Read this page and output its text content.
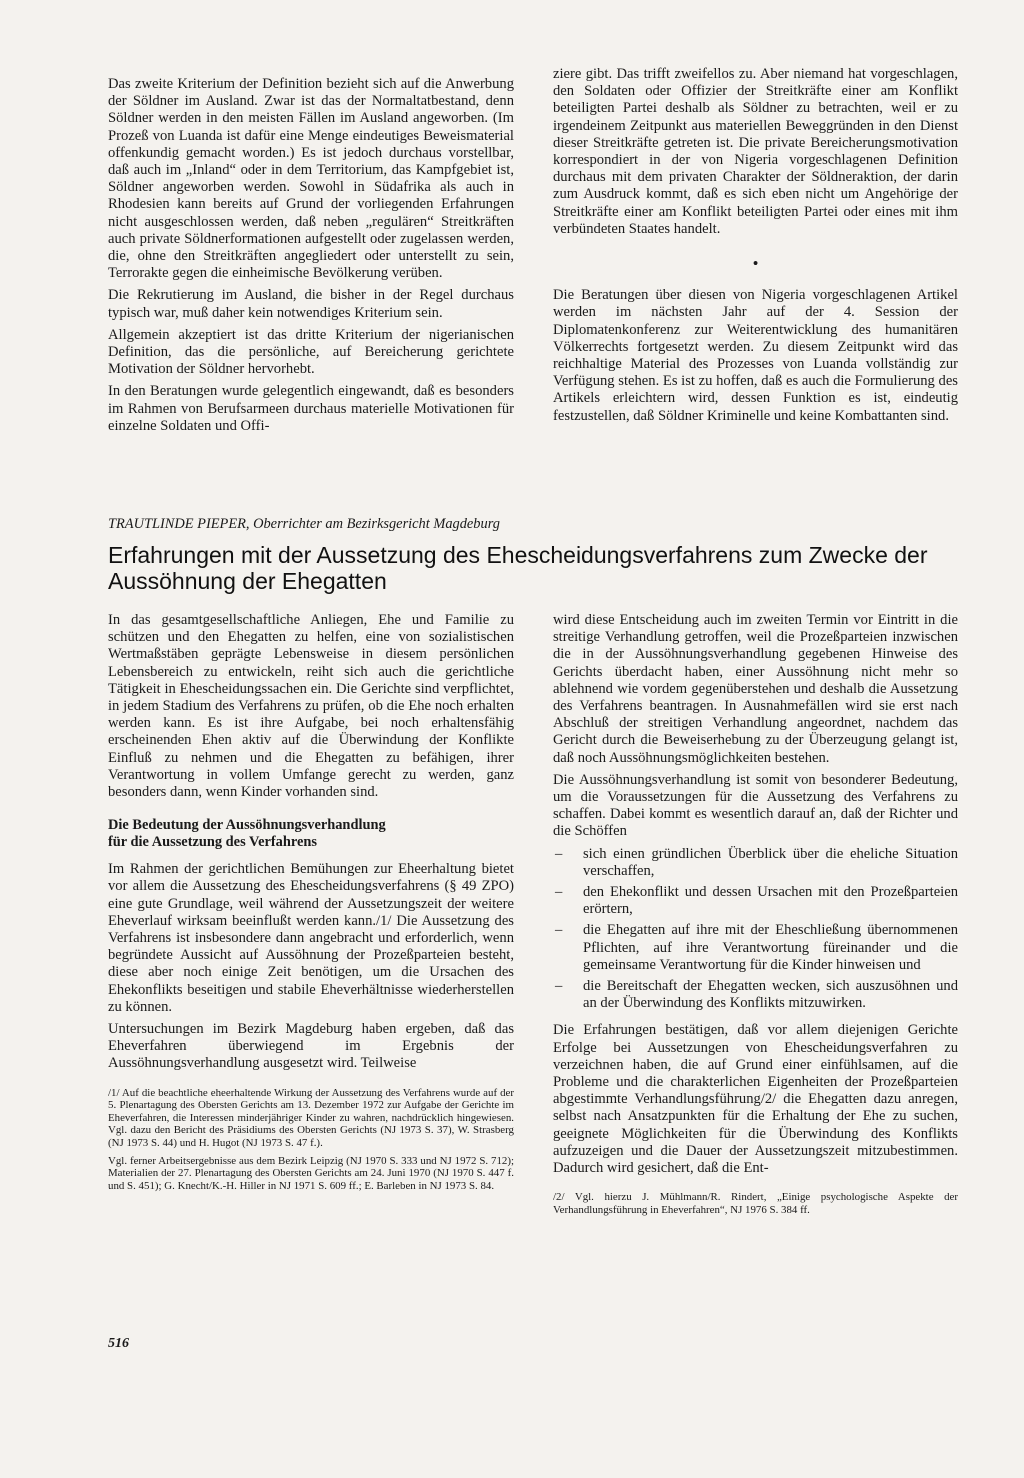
Das zweite Kriterium der Definition bezieht sich auf die Anwerbung der Söldner im Ausland. Zwar ist das der Normaltatbestand, denn Söldner werden in den meisten Fällen im Ausland angeworben. (Im Prozeß von Luanda ist dafür eine Menge eindeutiges Beweismaterial offenkundig gemacht worden.) Es ist jedoch durchaus vorstellbar, daß auch im „Inland“ oder in dem Territorium, das Kampfgebiet ist, Söldner angeworben werden. Sowohl in Südafrika als auch in Rhodesien kann bereits auf Grund der vorliegenden Erfahrungen nicht ausgeschlossen werden, daß neben „regulären“ Streitkräften auch private Söldnerformationen aufgestellt oder zugelassen werden, die, ohne den Streitkräften angegliedert oder unterstellt zu sein, Terrorakte gegen die einheimische Bevölkerung verüben.

Die Rekrutierung im Ausland, die bisher in der Regel durchaus typisch war, muß daher kein notwendiges Kriterium sein.

Allgemein akzeptiert ist das dritte Kriterium der nigerianischen Definition, das die persönliche, auf Bereicherung gerichtete Motivation der Söldner hervorhebt.

In den Beratungen wurde gelegentlich eingewandt, daß es besonders im Rahmen von Berufsarmeen durchaus materielle Motivationen für einzelne Soldaten und Offi-

ziere gibt. Das trifft zweifellos zu. Aber niemand hat vorgeschlagen, den Soldaten oder Offizier der Streitkräfte einer am Konflikt beteiligten Partei deshalb als Söldner zu betrachten, weil er zu irgendeinem Zeitpunkt aus materiellen Beweggründen in den Dienst dieser Streitkräfte getreten ist. Die private Bereicherungsmotivation korrespondiert in der von Nigeria vorgeschlagenen Definition durchaus mit dem privaten Charakter der Söldneraktion, der darin zum Ausdruck kommt, daß es sich eben nicht um Angehörige der Streitkräfte einer am Konflikt beteiligten Partei oder eines mit ihm verbündeten Staates handelt.

•

Die Beratungen über diesen von Nigeria vorgeschlagenen Artikel werden im nächsten Jahr auf der 4. Session der Diplomatenkonferenz zur Weiterentwicklung des humanitären Völkerrechts fortgesetzt werden. Zu diesem Zeitpunkt wird das reichhaltige Material des Prozesses von Luanda vollständig zur Verfügung stehen. Es ist zu hoffen, daß es auch die Formulierung des Artikels erleichtern wird, dessen Funktion es ist, eindeutig festzustellen, daß Söldner Kriminelle und keine Kombattanten sind.

TRAUTLINDE PIEPER, Oberrichter am Bezirksgericht Magdeburg
Erfahrungen mit der Aussetzung des Ehescheidungsverfahrens zum Zwecke der Aussöhnung der Ehegatten

In das gesamtgesellschaftliche Anliegen, Ehe und Familie zu schützen und den Ehegatten zu helfen, eine von sozialistischen Wertmaßstäben geprägte Lebensweise in diesem persönlichen Lebensbereich zu entwickeln, reiht sich auch die gerichtliche Tätigkeit in Ehescheidungssachen ein. Die Gerichte sind verpflichtet, in jedem Stadium des Verfahrens zu prüfen, ob die Ehe noch erhalten werden kann. Es ist ihre Aufgabe, bei noch erhaltensfähig erscheinenden Ehen aktiv auf die Überwindung der Konflikte Einfluß zu nehmen und die Ehegatten zu befähigen, ihrer Verantwortung in vollem Umfange gerecht zu werden, ganz besonders dann, wenn Kinder vorhanden sind.

Die Bedeutung der Aussöhnungsverhandlung
für die Aussetzung des Verfahrens

Im Rahmen der gerichtlichen Bemühungen zur Eheerhaltung bietet vor allem die Aussetzung des Ehescheidungsverfahrens (§ 49 ZPO) eine gute Grundlage, weil während der Aussetzungszeit der weitere Eheverlauf wirksam beeinflußt werden kann./1/ Die Aussetzung des Verfahrens ist insbesondere dann angebracht und erforderlich, wenn begründete Aussicht auf Aussöhnung der Prozeßparteien besteht, diese aber noch einige Zeit benötigen, um die Ursachen des Ehekonflikts beseitigen und stabile Eheverhältnisse wiederherstellen zu können.

Untersuchungen im Bezirk Magdeburg haben ergeben, daß das Eheverfahren überwiegend im Ergebnis der Aussöhnungsverhandlung ausgesetzt wird. Teilweise

/1/ Auf die beachtliche eheerhaltende Wirkung der Aussetzung des Verfahrens wurde auf der 5. Plenartagung des Obersten Gerichts am 13. Dezember 1972 zur Aufgabe der Gerichte im Eheverfahren, die Interessen minderjähriger Kinder zu wahren, nachdrücklich hingewiesen. Vgl. dazu den Bericht des Präsidiums des Obersten Gerichts (NJ 1973 S. 37), W. Strasberg (NJ 1973 S. 44) und H. Hugot (NJ 1973 S. 47 f.).

Vgl. ferner Arbeitsergebnisse aus dem Bezirk Leipzig (NJ 1970 S. 333 und NJ 1972 S. 712); Materialien der 27. Plenartagung des Obersten Gerichts am 24. Juni 1970 (NJ 1970 S. 447 f. und S. 451); G. Knecht/K.-H. Hiller in NJ 1971 S. 609 ff.; E. Barleben in NJ 1973 S. 84.

wird diese Entscheidung auch im zweiten Termin vor Eintritt in die streitige Verhandlung getroffen, weil die Prozeßparteien inzwischen die in der Aussöhnungsverhandlung gegebenen Hinweise des Gerichts überdacht haben, einer Aussöhnung nicht mehr so ablehnend wie vordem gegenüberstehen und deshalb die Aussetzung des Verfahrens beantragen. In Ausnahmefällen wird sie erst nach Abschluß der streitigen Verhandlung angeordnet, nachdem das Gericht durch die Beweiserhebung zu der Überzeugung gelangt ist, daß noch Aussöhnungsmöglichkeiten bestehen.

Die Aussöhnungsverhandlung ist somit von besonderer Bedeutung, um die Voraussetzungen für die Aussetzung des Verfahrens zu schaffen. Dabei kommt es wesentlich darauf an, daß der Richter und die Schöffen

– sich einen gründlichen Überblick über die eheliche Situation verschaffen,
– den Ehekonflikt und dessen Ursachen mit den Prozeßparteien erörtern,
– die Ehegatten auf ihre mit der Eheschließung übernommenen Pflichten, auf ihre Verantwortung füreinander und die gemeinsame Verantwortung für die Kinder hinweisen und
– die Bereitschaft der Ehegatten wecken, sich auszusöhnen und an der Überwindung des Konflikts mitzuwirken.

Die Erfahrungen bestätigen, daß vor allem diejenigen Gerichte Erfolge bei Aussetzungen von Ehescheidungsverfahren zu verzeichnen haben, die auf Grund einer einfühlsamen, auf die Probleme und die charakterlichen Eigenheiten der Prozeßparteien abgestimmte Verhandlungsführung/2/ die Ehegatten dazu anregen, selbst nach Ansatzpunkten für die Erhaltung der Ehe zu suchen, geeignete Möglichkeiten für die Überwindung des Konflikts aufzuzeigen und die Dauer der Aussetzungszeit mitzubestimmen. Dadurch wird gesichert, daß die Ent-

/2/ Vgl. hierzu J. Mühlmann/R. Rindert, „Einige psychologische Aspekte der Verhandlungsführung in Eheverfahren“, NJ 1976 S. 384 ff.

516
